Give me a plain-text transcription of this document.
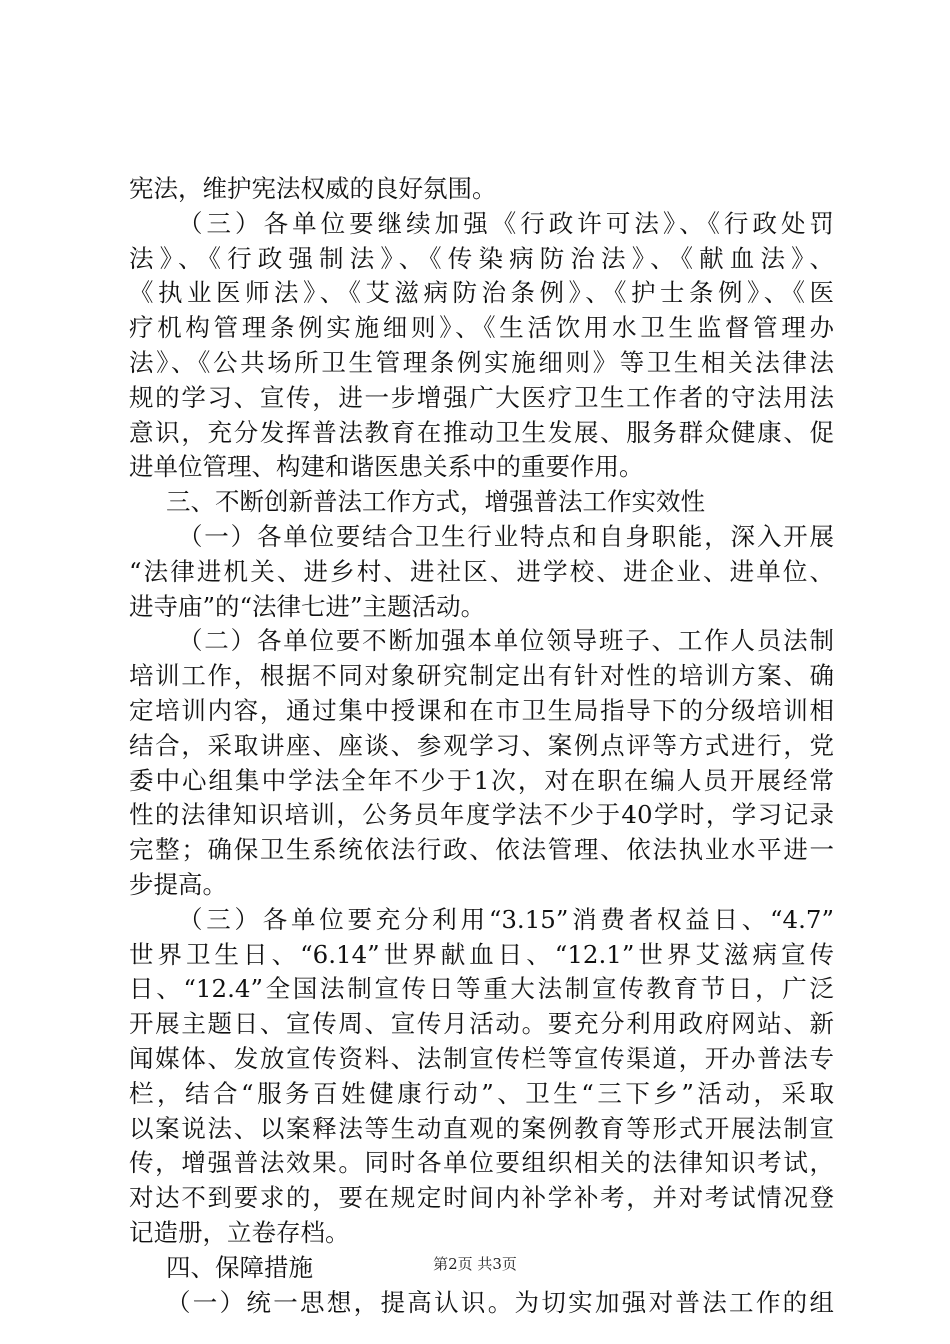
宪法，维护宪法权威的良好氛围。
（三）各单位要继续加强《行政许可法》、《行政处罚
法》、《行政强制法》、《传染病防治法》、《献血法》、
《执业医师法》、《艾滋病防治条例》、《护士条例》、《医
疗机构管理条例实施细则》、《生活饮用水卫生监督管理办
法》、《公共场所卫生管理条例实施细则》等卫生相关法律法
规的学习、宣传，进一步增强广大医疗卫生工作者的守法用法
意识，充分发挥普法教育在推动卫生发展、服务群众健康、促
进单位管理、构建和谐医患关系中的重要作用。
三、不断创新普法工作方式，增强普法工作实效性
（一）各单位要结合卫生行业特点和自身职能，深入开展
“法律进机关、进乡村、进社区、进学校、进企业、进单位、
进寺庙”的“法律七进”主题活动。
（二）各单位要不断加强本单位领导班子、工作人员法制
培训工作，根据不同对象研究制定出有针对性的培训方案、确
定培训内容，通过集中授课和在市卫生局指导下的分级培训相
结合，采取讲座、座谈、参观学习、案例点评等方式进行，党
委中心组集中学法全年不少于1次，对在职在编人员开展经常
性的法律知识培训，公务员年度学法不少于40学时，学习记录
完整；确保卫生系统依法行政、依法管理、依法执业水平进一
步提高。
（三）各单位要充分利用“3.15”消费者权益日、“4.7”
世界卫生日、“6.14”世界献血日、“12.1”世界艾滋病宣传
日、“12.4”全国法制宣传日等重大法制宣传教育节日，广泛
开展主题日、宣传周、宣传月活动。要充分利用政府网站、新
闻媒体、发放宣传资料、法制宣传栏等宣传渠道，开办普法专
栏，结合“服务百姓健康行动”、卫生“三下乡”活动，采取
以案说法、以案释法等生动直观的案例教育等形式开展法制宣
传，增强普法效果。同时各单位要组织相关的法律知识考试，
对达不到要求的，要在规定时间内补学补考，并对考试情况登
记造册，立卷存档。
四、保障措施
（一）统一思想，提高认识。为切实加强对普法工作的组
第2页 共3页
